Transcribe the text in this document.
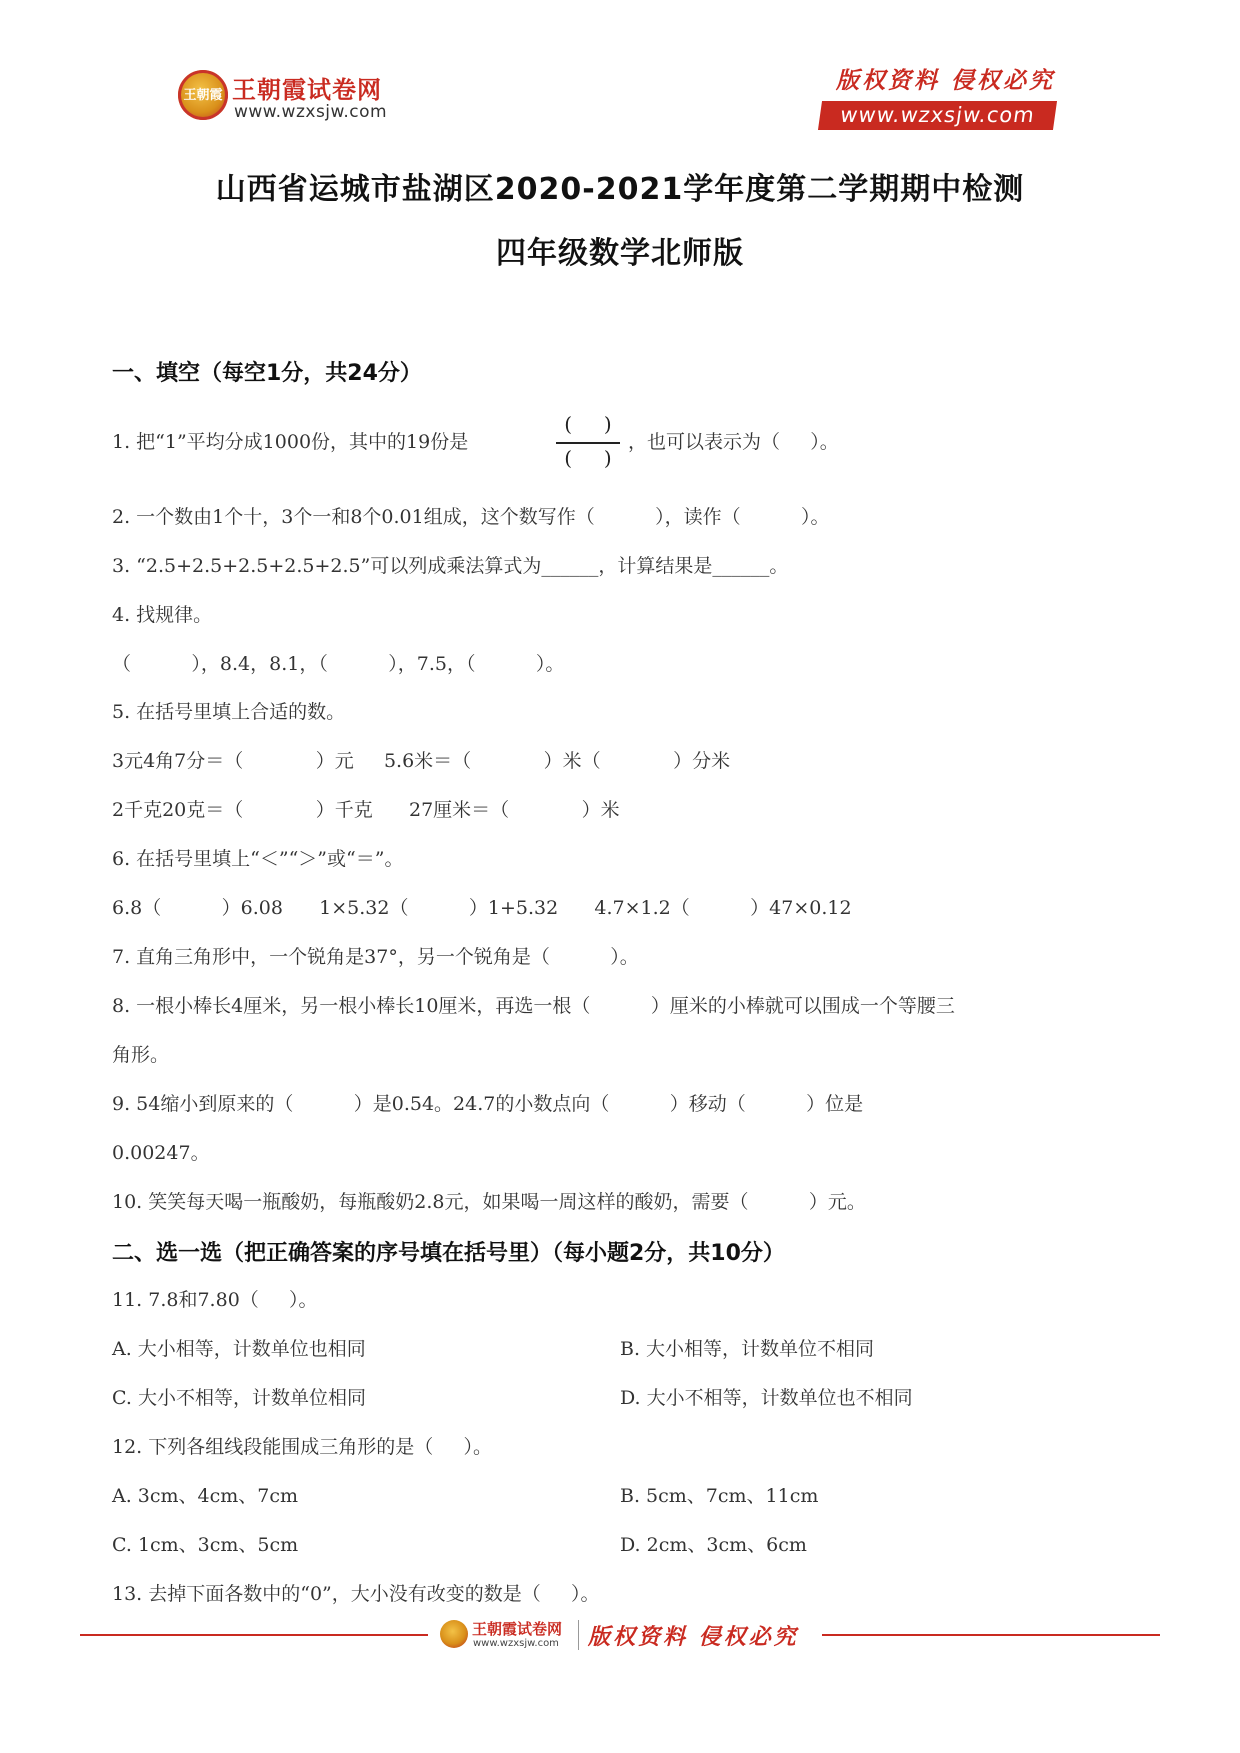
王朝霞 王朝霞试卷网
www.wzxsjw.com
版权资料 侵权必究
www.wzxsjw.com
山西省运城市盐湖区2020-2021学年度第二学期期中检测
四年级数学北师版
一、填空（每空1分，共24分）
1. 把“1”平均分成1000份，其中的19份是
(     )
(     )
，也可以表示为（     ）。
2. 一个数由1个十，3个一和8个0.01组成，这个数写作（          ），读作（          ）。
3. “2.5+2.5+2.5+2.5+2.5”可以列成乘法算式为______，计算结果是______。
4. 找规律。
（          ），8.4，8.1，（          ），7.5，（          ）。
5. 在括号里填上合适的数。
3元4角7分＝（            ）元     5.6米＝（            ）米（            ）分米
2千克20克＝（            ）千克      27厘米＝（            ）米
6. 在括号里填上“＜”“＞”或“＝”。
6.8（          ）6.08      1×5.32（          ）1+5.32      4.7×1.2（          ）47×0.12
7. 直角三角形中，一个锐角是37°，另一个锐角是（          ）。
8. 一根小棒长4厘米，另一根小棒长10厘米，再选一根（          ）厘米的小棒就可以围成一个等腰三
角形。
9. 54缩小到原来的（          ）是0.54。24.7的小数点向（          ）移动（          ）位是
0.00247。
10. 笑笑每天喝一瓶酸奶，每瓶酸奶2.8元，如果喝一周这样的酸奶，需要（          ）元。
二、选一选（把正确答案的序号填在括号里）（每小题2分，共10分）
11. 7.8和7.80（     ）。
A. 大小相等，计数单位也相同	B. 大小相等，计数单位不相同
C. 大小不相等，计数单位相同	D. 大小不相等，计数单位也不相同
12. 下列各组线段能围成三角形的是（     ）。
A. 3cm、4cm、7cm	B. 5cm、7cm、11cm
C. 1cm、3cm、5cm	D. 2cm、3cm、6cm
13. 去掉下面各数中的“0”，大小没有改变的数是（     ）。
王朝霞试卷网
www.wzxsjw.com 版权资料 侵权必究
